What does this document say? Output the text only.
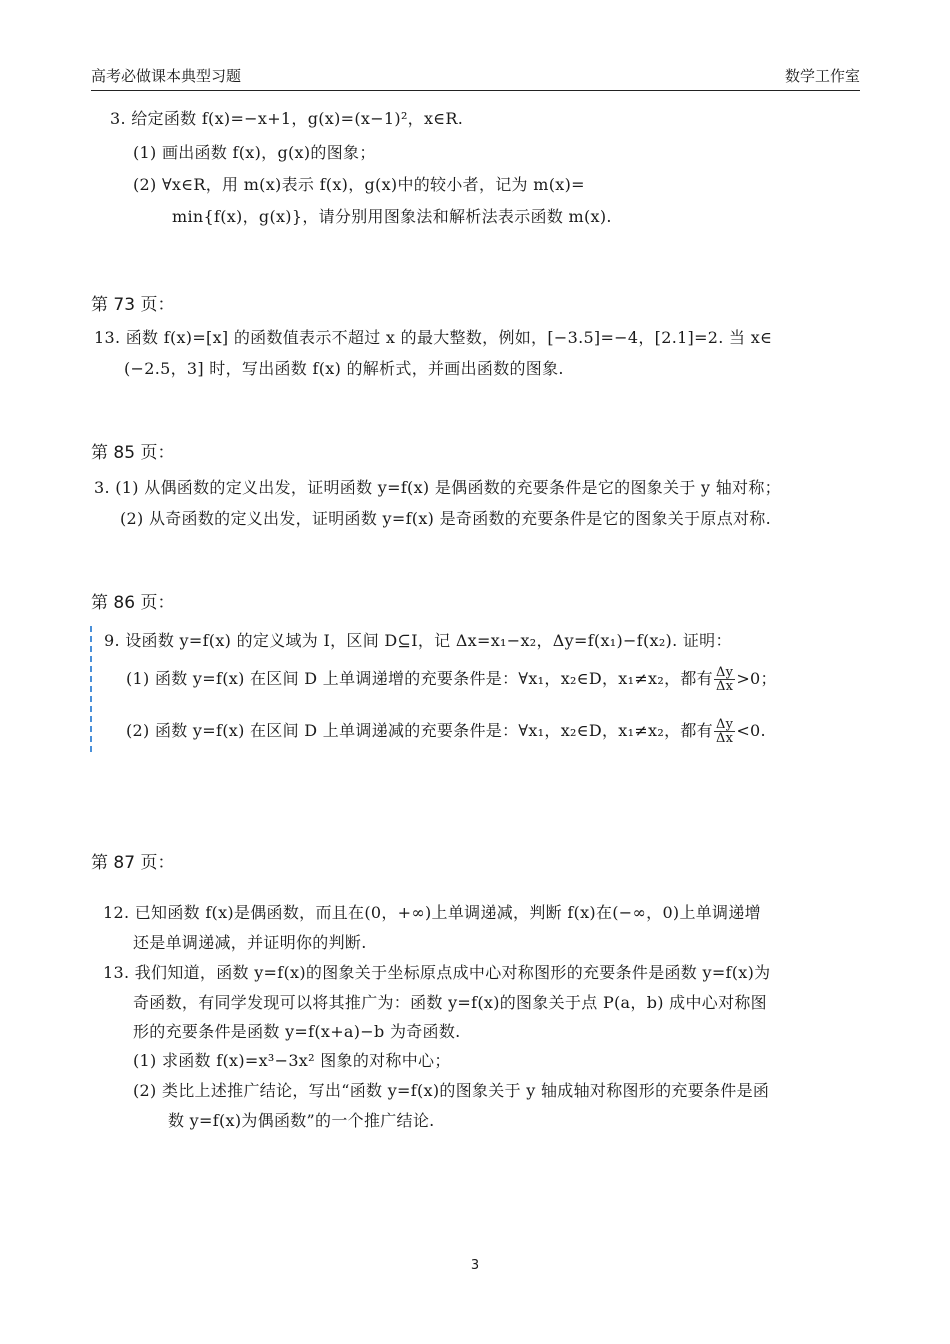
高考必做课本典型习题	数学工作室
3. 给定函数 f(x)=−x+1，g(x)=(x−1)²，x∈R.
(1) 画出函数 f(x)，g(x)的图象；
(2) ∀x∈R，用 m(x)表示 f(x)，g(x)中的较小者，记为 m(x)=
min{f(x)，g(x)}，请分别用图象法和解析法表示函数 m(x).
第 73 页：
13. 函数 f(x)=[x] 的函数值表示不超过 x 的最大整数，例如，[−3.5]=−4，[2.1]=2. 当 x∈
(−2.5，3] 时，写出函数 f(x) 的解析式，并画出函数的图象.
第 85 页：
3. (1) 从偶函数的定义出发，证明函数 y=f(x) 是偶函数的充要条件是它的图象关于 y 轴对称；
(2) 从奇函数的定义出发，证明函数 y=f(x) 是奇函数的充要条件是它的图象关于原点对称.
第 86 页：
9. 设函数 y=f(x) 的定义域为 I，区间 D⊆I，记 Δx=x₁−x₂，Δy=f(x₁)−f(x₂). 证明：
(1) 函数 y=f(x) 在区间 D 上单调递增的充要条件是：∀x₁，x₂∈D，x₁≠x₂，都有 $\frac{\Delta y}{\Delta x} >0$；
(2) 函数 y=f(x) 在区间 D 上单调递减的充要条件是：∀x₁，x₂∈D，x₁≠x₂，都有 $\frac{\Delta y}{\Delta x} <0$.
第 87 页：
12. 已知函数 f(x)是偶函数，而且在(0，+∞)上单调递减，判断 f(x)在(−∞，0)上单调递增
还是单调递减，并证明你的判断.
13. 我们知道，函数 y=f(x)的图象关于坐标原点成中心对称图形的充要条件是函数 y=f(x)为
奇函数，有同学发现可以将其推广为：函数 y=f(x)的图象关于点 P(a，b) 成中心对称图
形的充要条件是函数 y=f(x+a)−b 为奇函数.
(1) 求函数 f(x)=x³−3x² 图象的对称中心；
(2) 类比上述推广结论，写出“函数 y=f(x)的图象关于 y 轴成轴对称图形的充要条件是函
数 y=f(x)为偶函数”的一个推广结论.
3
